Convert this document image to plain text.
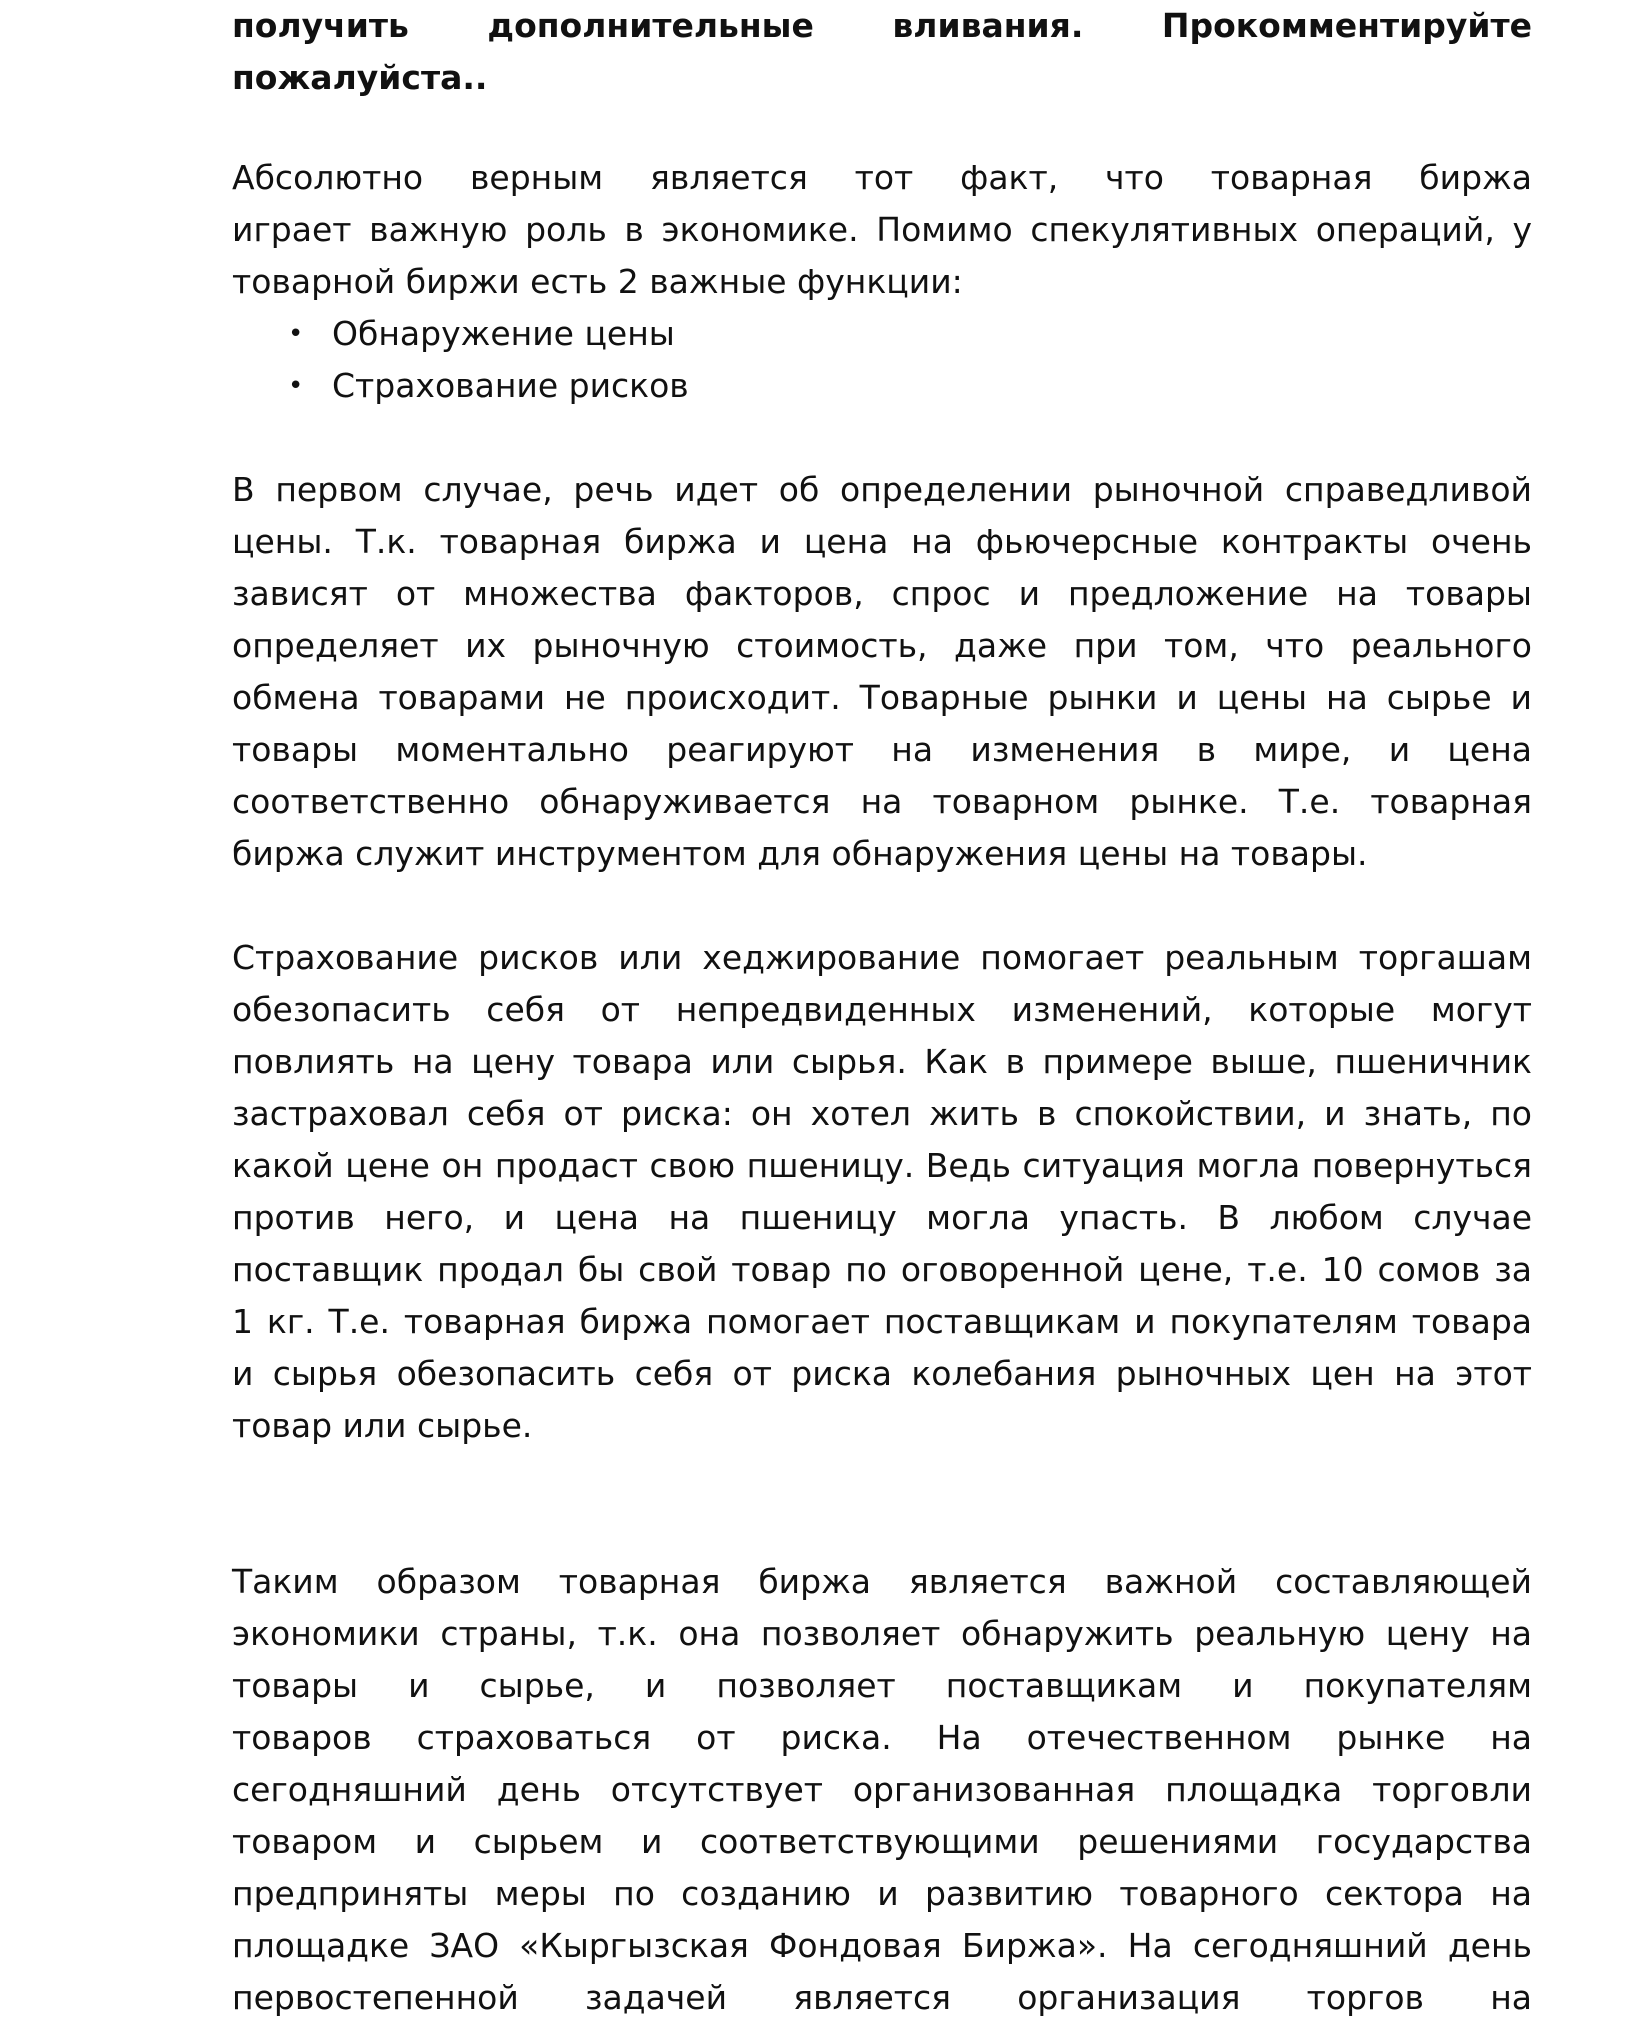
получить дополнительные вливания. Прокомментируйте
пожалуйста..
Абсолютно верным является тот факт, что товарная биржа
играет важную роль в экономике. Помимо спекулятивных операций, у
товарной биржи есть 2 важные функции:
• Обнаружение цены
• Страхование рисков
В первом случае, речь идет об определении рыночной справедливой
цены. Т.к. товарная биржа и цена на фьючерсные контракты очень
зависят от множества факторов, спрос и предложение на товары
определяет их рыночную стоимость, даже при том, что реального
обмена товарами не происходит. Товарные рынки и цены на сырье и
товары моментально реагируют на изменения в мире, и цена
соответственно обнаруживается на товарном рынке. Т.е. товарная
биржа служит инструментом для обнаружения цены на товары.
Страхование рисков или хеджирование помогает реальным торгашам
обезопасить себя от непредвиденных изменений, которые могут
повлиять на цену товара или сырья. Как в примере выше, пшеничник
застраховал себя от риска: он хотел жить в спокойствии, и знать, по
какой цене он продаст свою пшеницу. Ведь ситуация могла повернуться
против него, и цена на пшеницу могла упасть. В любом случае
поставщик продал бы свой товар по оговоренной цене, т.е. 10 сомов за
1 кг. Т.е. товарная биржа помогает поставщикам и покупателям товара
и сырья обезопасить себя от риска колебания рыночных цен на этот
товар или сырье.
Таким образом товарная биржа является важной составляющей
экономики страны, т.к. она позволяет обнаружить реальную цену на
товары и сырье, и позволяет поставщикам и покупателям
товаров страховаться от риска. На отечественном рынке на
сегодняшний день отсутствует организованная площадка торговли
товаром и сырьем и соответствующими решениями государства
предприняты меры по созданию и развитию товарного сектора на
площадке ЗАО «Кыргызская Фондовая Биржа». На сегодняшний день
первостепенной задачей является организация торгов на
